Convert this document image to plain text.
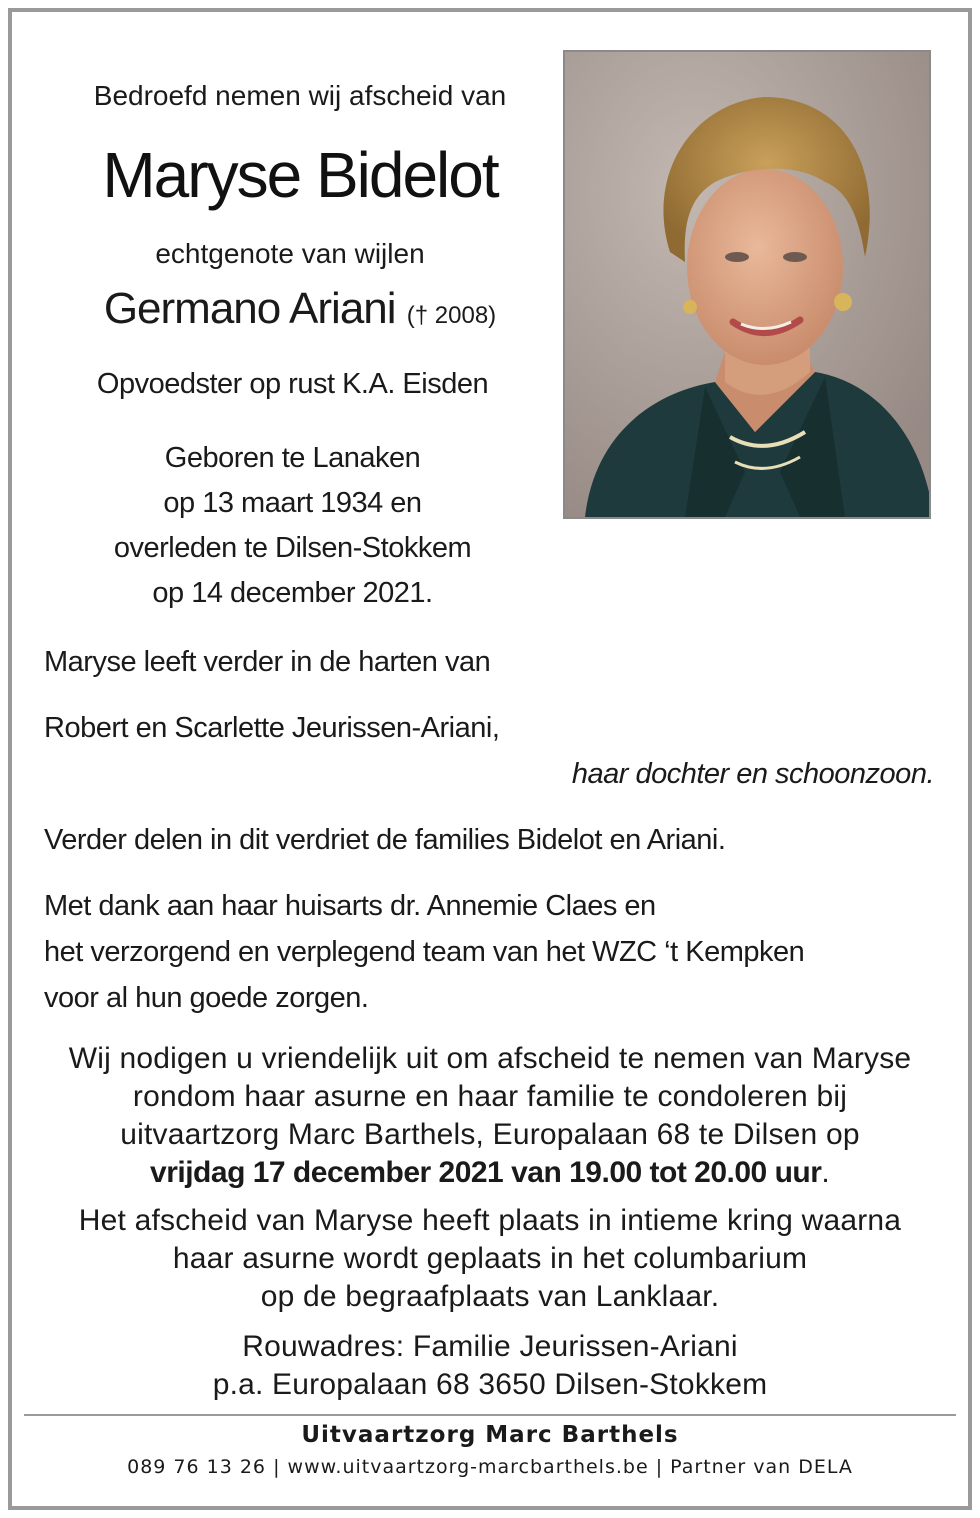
Bedroefd nemen wij afscheid van
Maryse Bidelot
echtgenote van wijlen
Germano Ariani († 2008)
Opvoedster op rust K.A. Eisden
Geboren te Lanaken
op 13 maart 1934 en
overleden te Dilsen-Stokkem
op 14 december 2021.
Maryse leeft verder in de harten van
Robert en Scarlette Jeurissen-Ariani,
haar dochter en schoonzoon.
Verder delen in dit verdriet de families Bidelot en Ariani.
Met dank aan haar huisarts dr. Annemie Claes en
het verzorgend en verplegend team van het WZC ‘t Kempken
voor al hun goede zorgen.
Wij nodigen u vriendelijk uit om afscheid te nemen van Maryse
rondom haar asurne en haar familie te condoleren bij
uitvaartzorg Marc Barthels, Europalaan 68 te Dilsen op
vrijdag 17 december 2021 van 19.00 tot 20.00 uur.
Het afscheid van Maryse heeft plaats in intieme kring waarna
haar asurne wordt geplaats in het columbarium
op de begraafplaats van Lanklaar.
Rouwadres: Familie Jeurissen-Ariani
p.a. Europalaan 68 3650 Dilsen-Stokkem
Uitvaartzorg Marc Barthels
089 76 13 26 | www.uitvaartzorg-marcbarthels.be | Partner van DELA
